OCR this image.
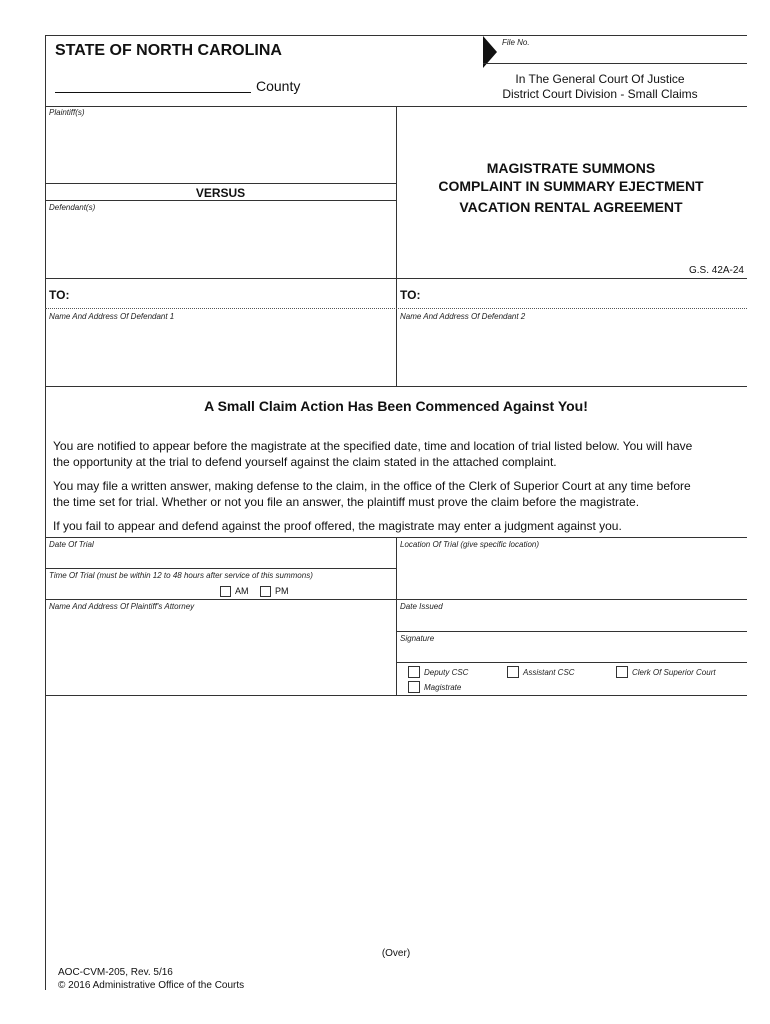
STATE OF NORTH CAROLINA
County
File No.
In The General Court Of Justice
District Court Division - Small Claims
Plaintiff(s)
VERSUS
Defendant(s)
MAGISTRATE SUMMONS
COMPLAINT IN SUMMARY EJECTMENT
VACATION RENTAL AGREEMENT
G.S. 42A-24
TO:	TO:
Name And Address Of Defendant 1	Name And Address Of Defendant 2
A Small Claim Action Has Been Commenced Against You!
You are notified to appear before the magistrate at the specified date, time and location of trial listed below. You will have
the opportunity at the trial to defend yourself against the claim stated in the attached complaint.
You may file a written answer, making defense to the claim, in the office of the Clerk of Superior Court at any time before
the time set for trial. Whether or not you file an answer, the plaintiff must prove the claim before the magistrate.
If you fail to appear and defend against the proof offered, the magistrate may enter a judgment against you.
Date Of Trial	Location Of Trial (give specific location)
Time Of Trial (must be within 12 to 48 hours after service of this summons)
AM	PM
Name And Address Of Plaintiff's Attorney	Date Issued
Signature
Deputy CSC	Assistant CSC	Clerk Of Superior Court
Magistrate
(Over)
AOC-CVM-205, Rev. 5/16
© 2016 Administrative Office of the Courts
